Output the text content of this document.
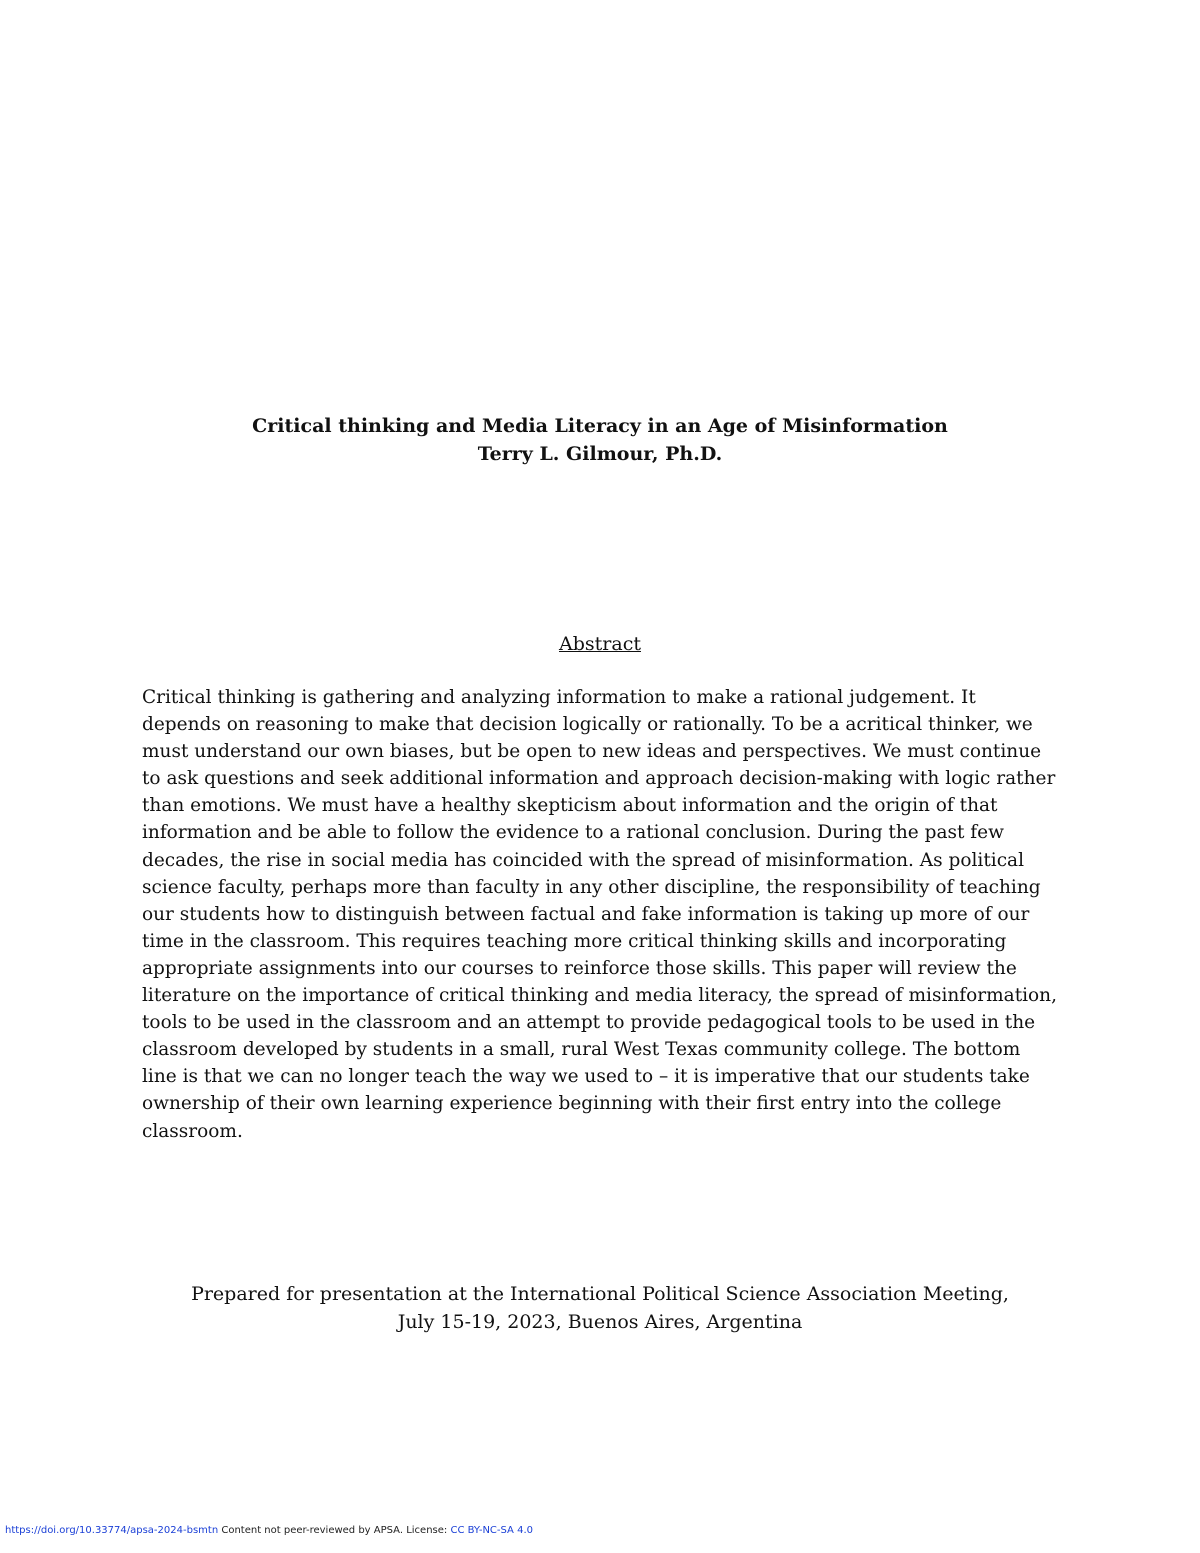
Critical thinking and Media Literacy in an Age of Misinformation

Terry L. Gilmour, Ph.D.

Abstract

Critical thinking is gathering and analyzing information to make a rational judgement. It
depends on reasoning to make that decision logically or rationally. To be a acritical thinker, we
must understand our own biases, but be open to new ideas and perspectives. We must continue
to ask questions and seek additional information and approach decision-making with logic rather
than emotions. We must have a healthy skepticism about information and the origin of that
information and be able to follow the evidence to a rational conclusion. During the past few
decades, the rise in social media has coincided with the spread of misinformation. As political
science faculty, perhaps more than faculty in any other discipline, the responsibility of teaching
our students how to distinguish between factual and fake information is taking up more of our
time in the classroom. This requires teaching more critical thinking skills and incorporating
appropriate assignments into our courses to reinforce those skills. This paper will review the
literature on the importance of critical thinking and media literacy, the spread of misinformation,
tools to be used in the classroom and an attempt to provide pedagogical tools to be used in the
classroom developed by students in a small, rural West Texas community college. The bottom
line is that we can no longer teach the way we used to – it is imperative that our students take
ownership of their own learning experience beginning with their first entry into the college
classroom.
Prepared for presentation at the International Political Science Association Meeting,
July 15-19, 2023, Buenos Aires, Argentina
https://doi.org/10.33774/apsa-2024-bsmtn Content not peer-reviewed by APSA. License: CC BY-NC-SA 4.0
